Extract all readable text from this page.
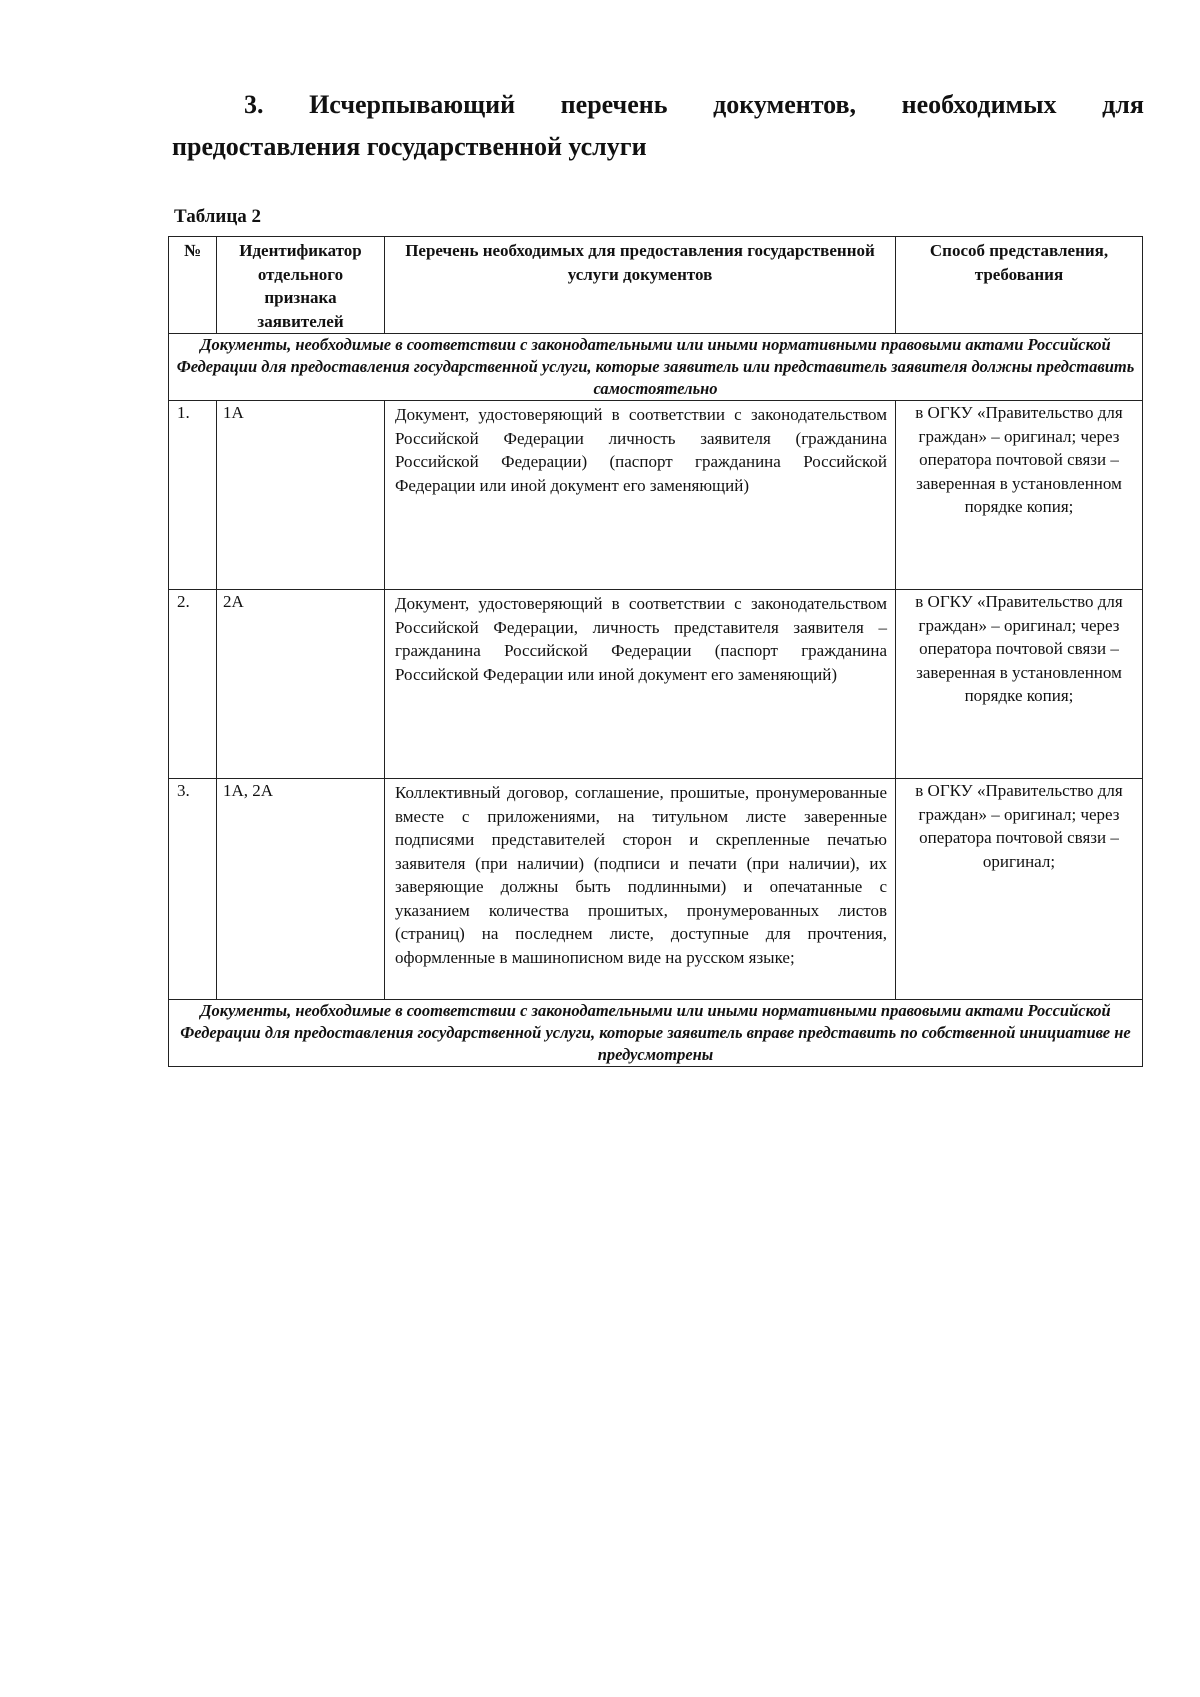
3. Исчерпывающий перечень документов, необходимых для
предоставления государственной услуги
Таблица 2
№	Идентификатор отдельного признака заявителей	Перечень необходимых для предоставления государственной услуги документов	Способ представления, требования
Документы, необходимые в соответствии с законодательными или иными нормативными правовыми актами Российской Федерации для предоставления государственной услуги, которые заявитель или представитель заявителя должны представить самостоятельно			
1.	1А	Документ, удостоверяющий в соответствии с законодательством Российской Федерации личность заявителя (гражданина Российской Федерации) (паспорт гражданина Российской Федерации или иной документ его заменяющий)	в ОГКУ «Правительство для граждан» – оригинал; через оператора почтовой связи – заверенная в установленном порядке копия;
2.	2А	Документ, удостоверяющий в соответствии с законодательством Российской Федерации, личность представителя заявителя – гражданина Российской Федерации (паспорт гражданина Российской Федерации или иной документ его заменяющий)	в ОГКУ «Правительство для граждан» – оригинал; через оператора почтовой связи – заверенная в установленном порядке копия;
3.	1А, 2А	Коллективный договор, соглашение, прошитые, пронумерованные вместе с приложениями, на титульном листе заверенные подписями представителей сторон и скрепленные печатью заявителя (при наличии) (подписи и печати (при наличии), их заверяющие должны быть подлинными) и опечатанные с указанием количества прошитых, пронумерованных листов (страниц) на последнем листе, доступные для прочтения, оформленные в машинописном виде на русском языке;	в ОГКУ «Правительство для граждан» – оригинал; через оператора почтовой связи – оригинал;
Документы, необходимые в соответствии с законодательными или иными нормативными правовыми актами Российской Федерации для предоставления государственной услуги, которые заявитель вправе представить по собственной инициативе не предусмотрены			
